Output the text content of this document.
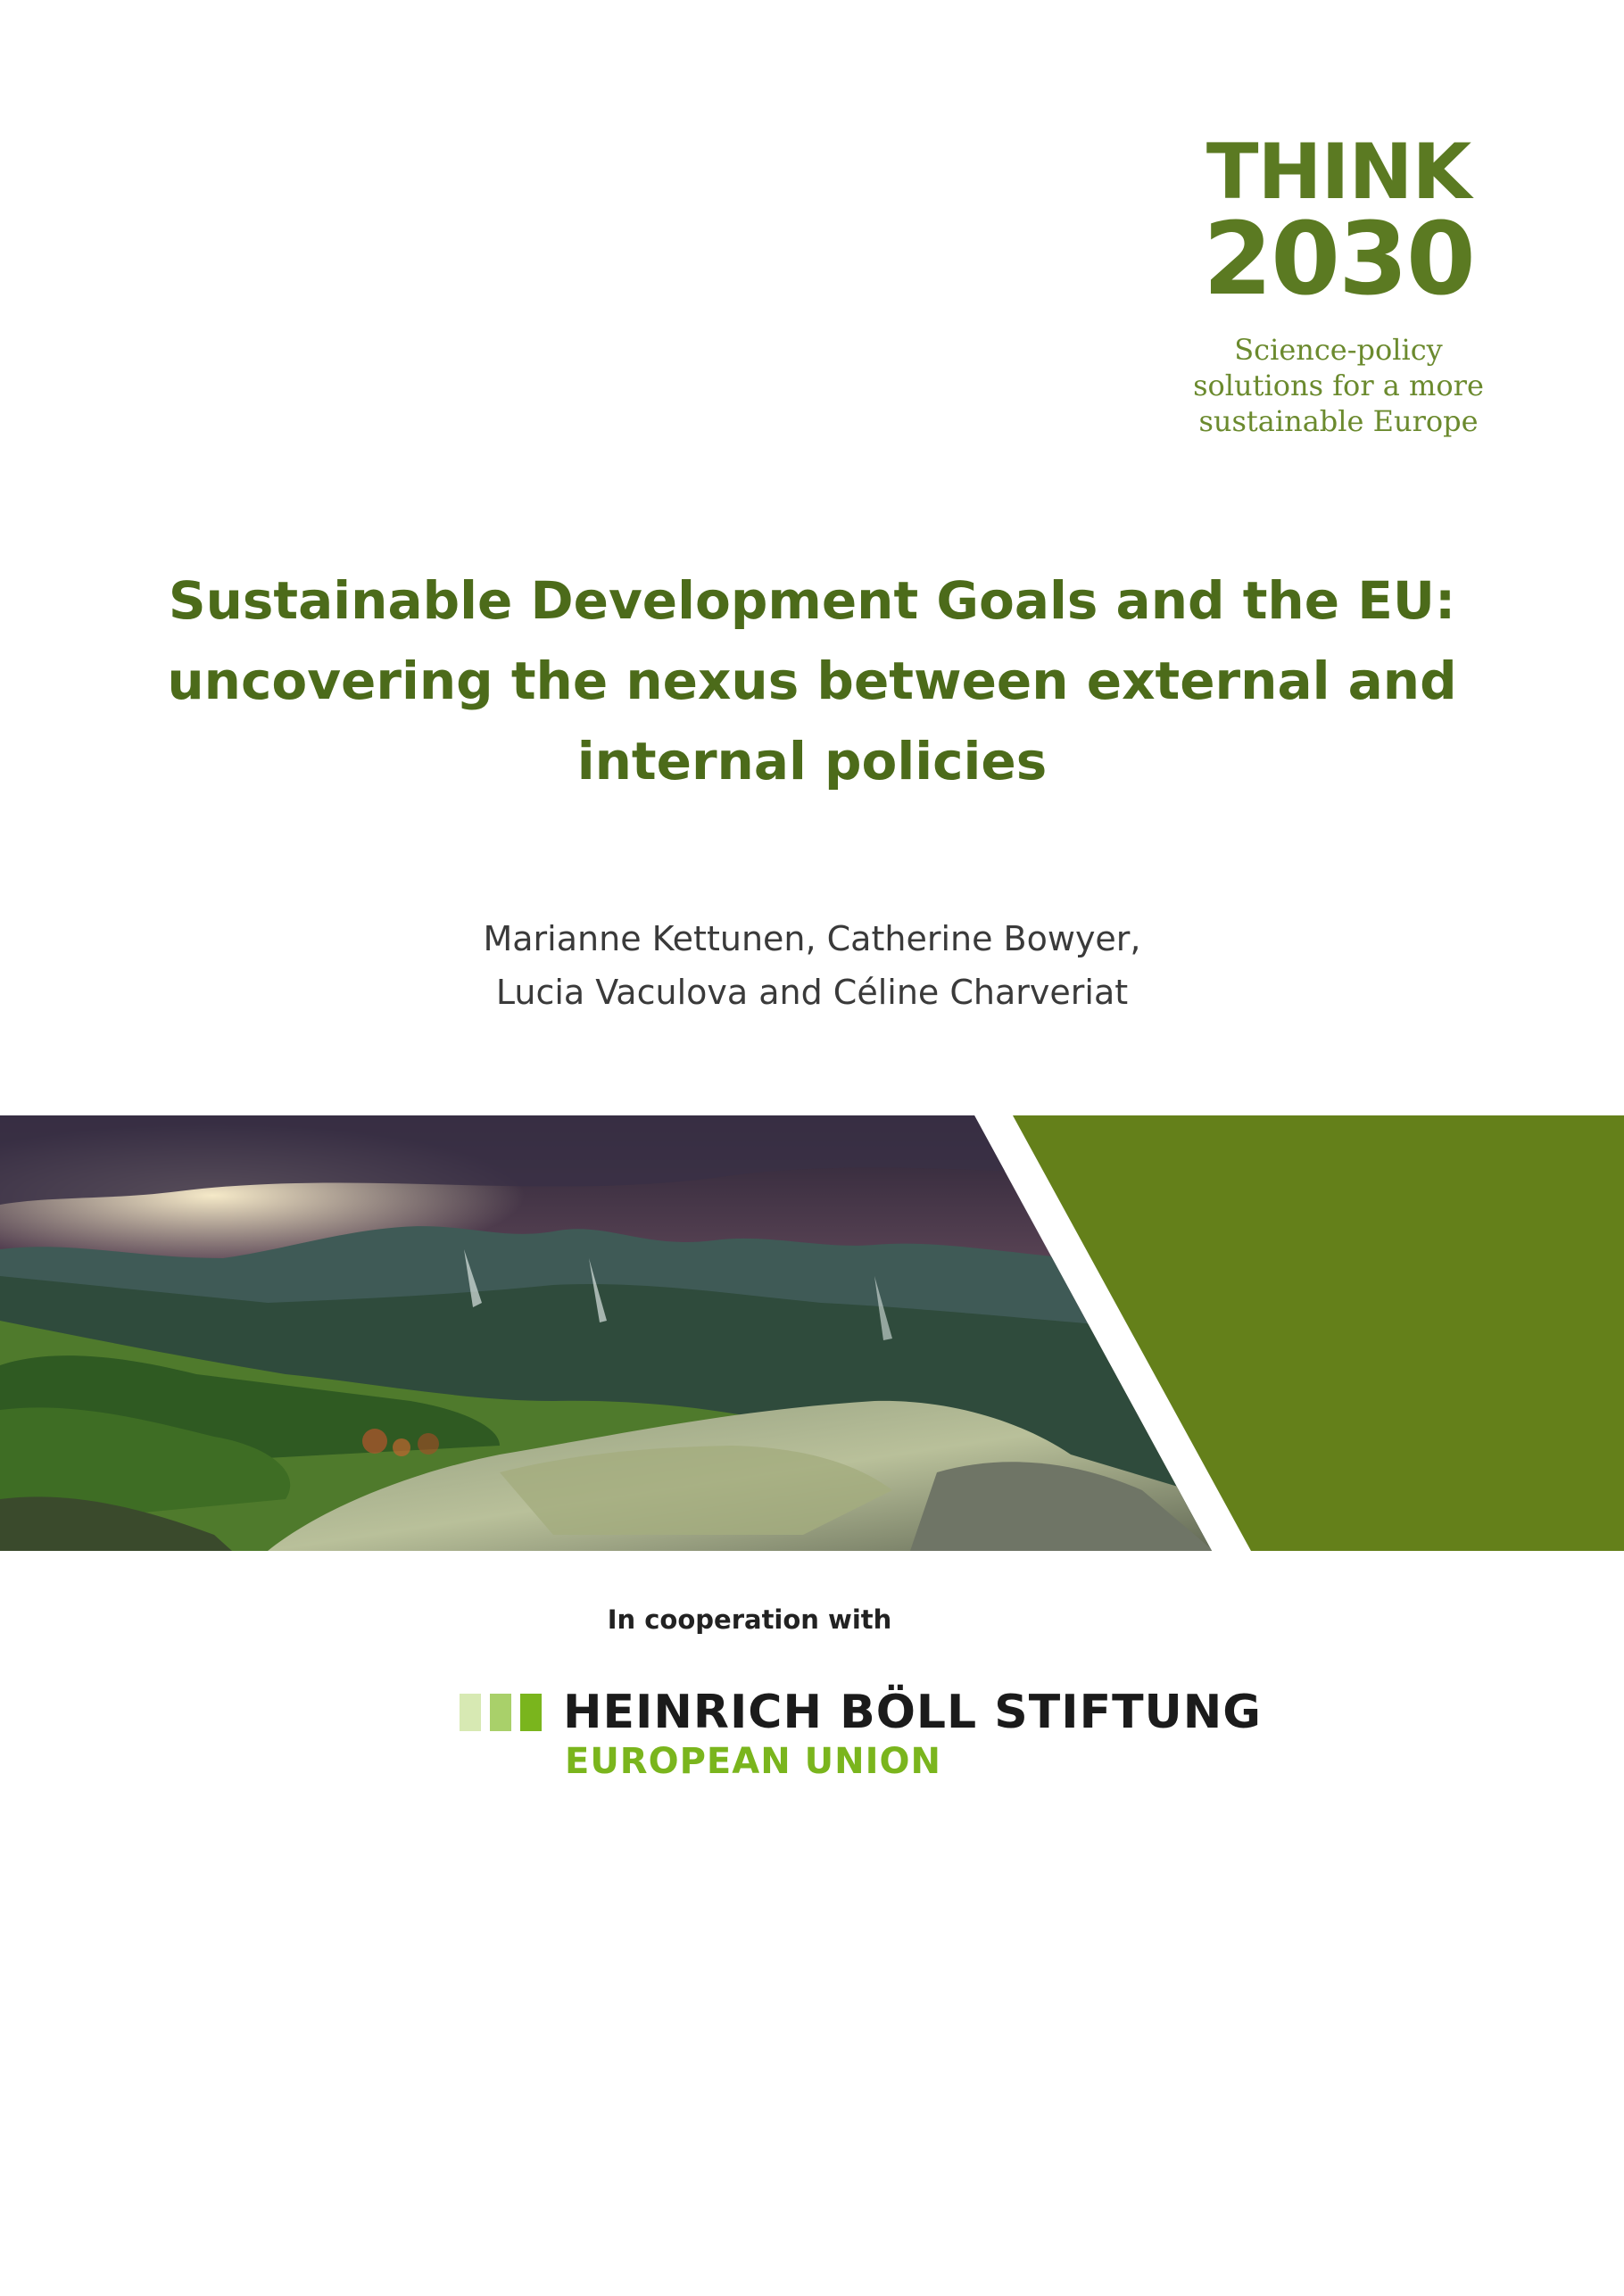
THINK
2030
Science-policy
solutions for a more
sustainable Europe
Sustainable Development Goals and the EU:
uncovering the nexus between external and
internal policies
Marianne Kettunen, Catherine Bowyer,
Lucia Vaculova and Céline Charveriat
In cooperation with
HEINRICH BÖLL STIFTUNG
EUROPEAN UNION
